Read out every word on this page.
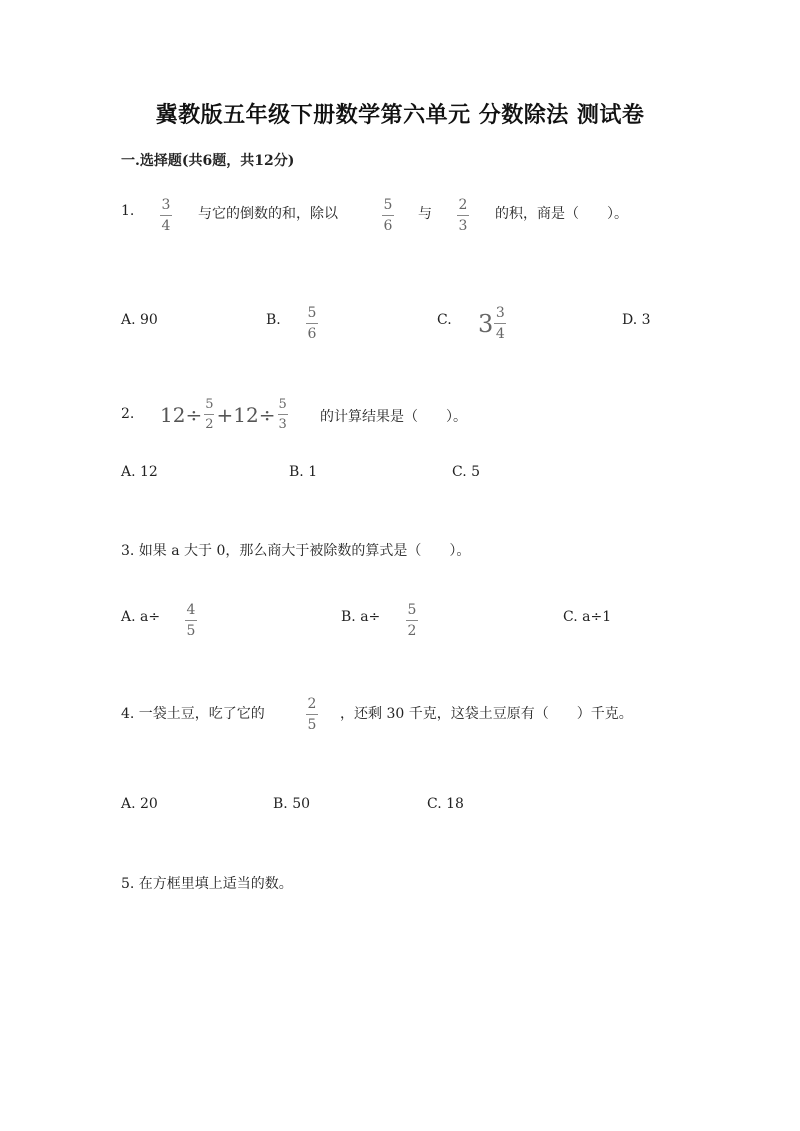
冀教版五年级下册数学第六单元 分数除法 测试卷
一.选择题(共6题，共12分)
1. 3
4
与它的倒数的和，除以
5
6
与
2
3
的积，商是（　　）。
A. 90	B. 5
6
C. $3 \frac{3}{4}$	D. 3
2. $12 \div \frac{5}{2} + 12 \div \frac{5}{3}$ 的计算结果是（　　）。
A. 12	B. 1	C. 5
3. 如果 a 大于 0，那么商大于被除数的算式是（　　）。
A. a÷ 4
5
B. a÷ 5
2
C. a÷1
4. 一袋土豆，吃了它的
2
5
，还剩 30 千克，这袋土豆原有（　　）千克。
A. 20	B. 50	C. 18
5. 在方框里填上适当的数。
